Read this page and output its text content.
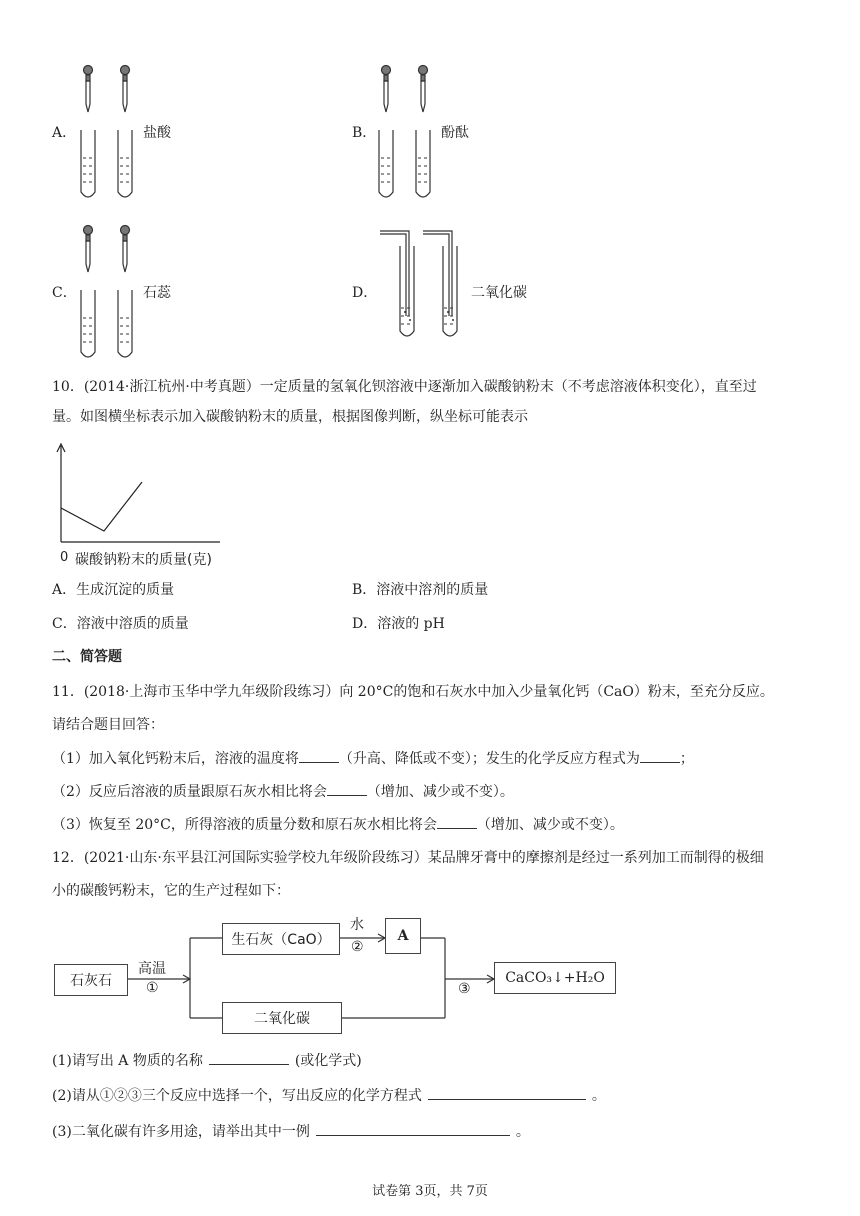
A．	盐酸	B．	酚酞
C．	石蕊	D．	二氧化碳
10．(2014·浙江杭州·中考真题）一定质量的氢氧化钡溶液中逐渐加入碳酸钠粉末（不考虑溶液体积变化），直至过
量。如图横坐标表示加入碳酸钠粉末的质量，根据图像判断，纵坐标可能表示
0 碳酸钠粉末的质量(克)
A．生成沉淀的质量	B．溶液中溶剂的质量
C．溶液中溶质的质量	D．溶液的 pH
二、简答题
11．(2018·上海市玉华中学九年级阶段练习）向 20°C的饱和石灰水中加入少量氧化钙（CaO）粉末，至充分反应。
请结合题目回答：
（1）加入氧化钙粉末后，溶液的温度将	（升高、降低或不变）；发生的化学反应方程式为	；
（2）反应后溶液的质量跟原石灰水相比将会	（增加、减少或不变）。
（3）恢复至 20°C，所得溶液的质量分数和原石灰水相比将会	（增加、减少或不变）。
12．(2021·山东·东平县江河国际实验学校九年级阶段练习）某品牌牙膏中的摩擦剂是经过一系列加工而制得的极细
小的碳酸钙粉末，它的生产过程如下：
石灰石
高温
①
生石灰（CaO）
水
②
A
二氧化碳
③
CaCO₃↓+H₂O
(1)请写出 A 物质的名称	(或化学式)
(2)请从①②③三个反应中选择一个，写出反应的化学方程式	。
(3)二氧化碳有许多用途，请举出其中一例	。
试卷第 3页，共 7页
